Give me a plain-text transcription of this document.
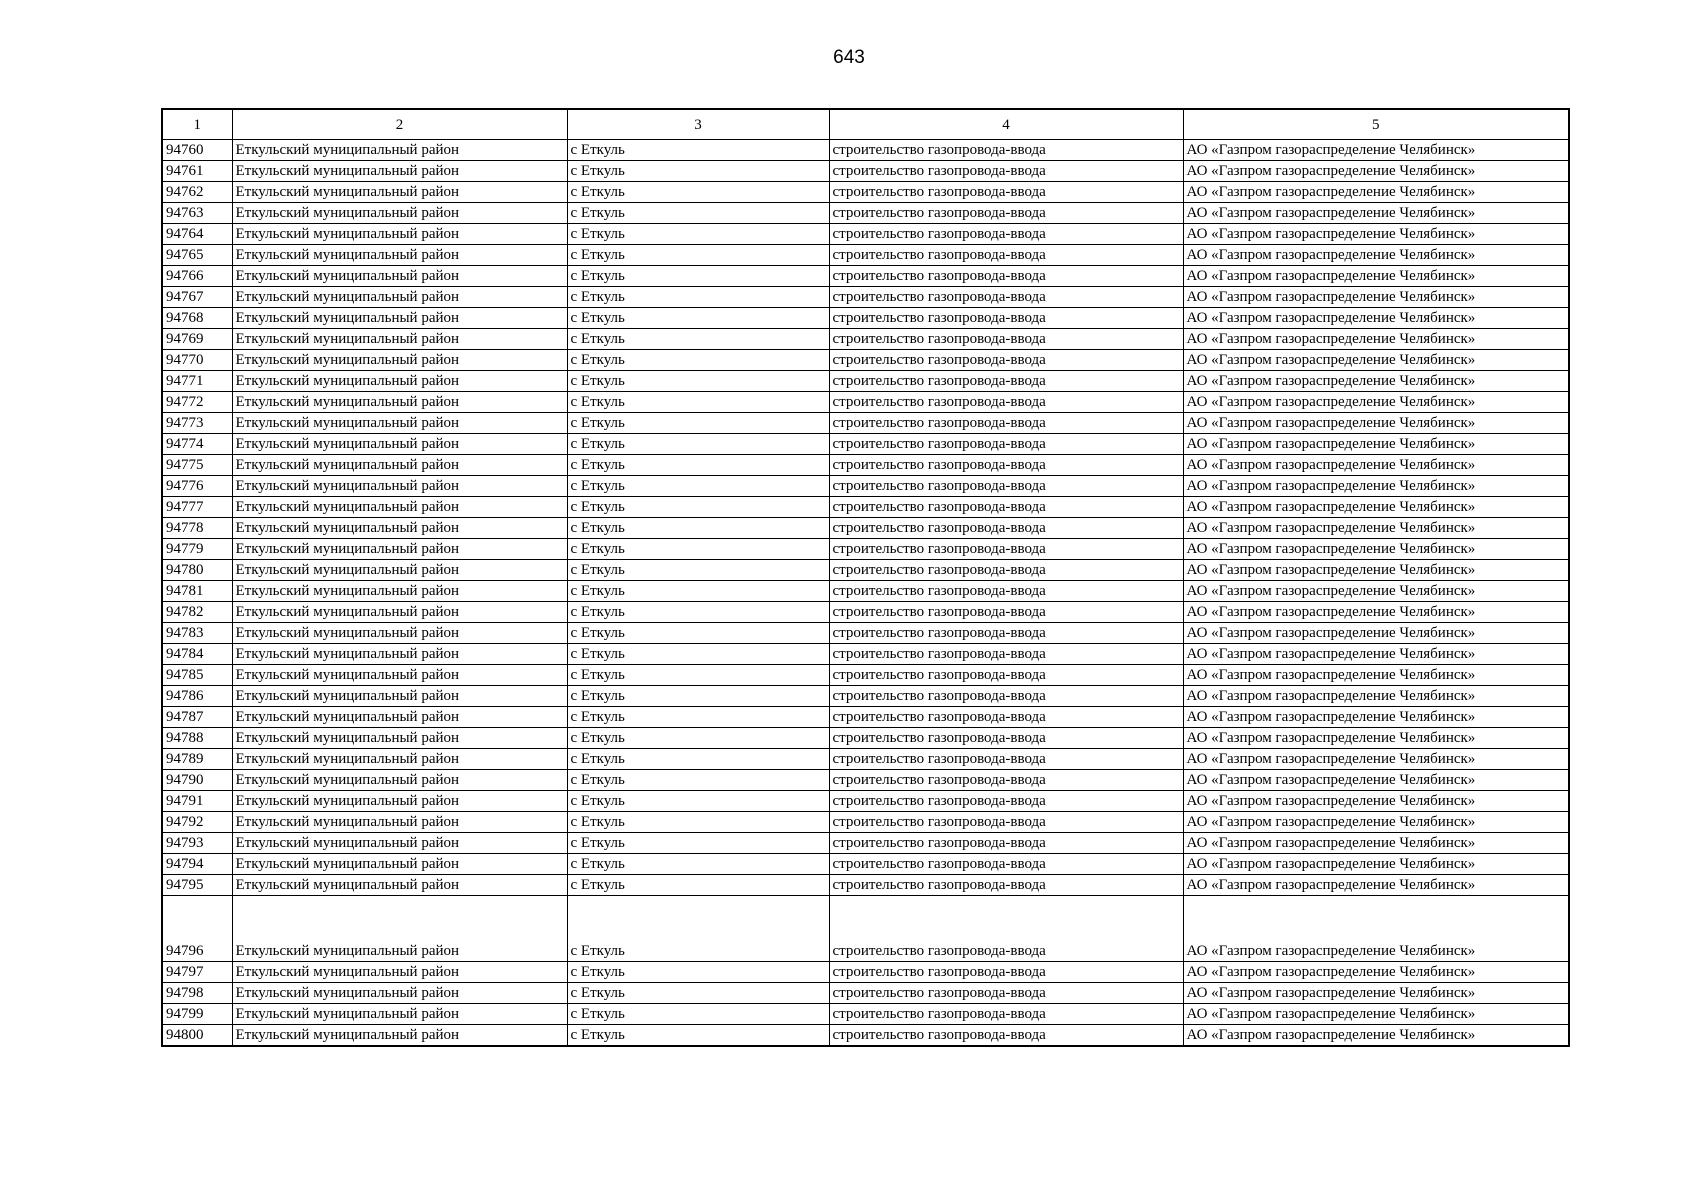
643
1	2	3	4	5
94760	Еткульский муниципальный район	с Еткуль	строительство газопровода-ввода	АО «Газпром газораспределение Челябинск»
94761	Еткульский муниципальный район	с Еткуль	строительство газопровода-ввода	АО «Газпром газораспределение Челябинск»
94762	Еткульский муниципальный район	с Еткуль	строительство газопровода-ввода	АО «Газпром газораспределение Челябинск»
94763	Еткульский муниципальный район	с Еткуль	строительство газопровода-ввода	АО «Газпром газораспределение Челябинск»
94764	Еткульский муниципальный район	с Еткуль	строительство газопровода-ввода	АО «Газпром газораспределение Челябинск»
94765	Еткульский муниципальный район	с Еткуль	строительство газопровода-ввода	АО «Газпром газораспределение Челябинск»
94766	Еткульский муниципальный район	с Еткуль	строительство газопровода-ввода	АО «Газпром газораспределение Челябинск»
94767	Еткульский муниципальный район	с Еткуль	строительство газопровода-ввода	АО «Газпром газораспределение Челябинск»
94768	Еткульский муниципальный район	с Еткуль	строительство газопровода-ввода	АО «Газпром газораспределение Челябинск»
94769	Еткульский муниципальный район	с Еткуль	строительство газопровода-ввода	АО «Газпром газораспределение Челябинск»
94770	Еткульский муниципальный район	с Еткуль	строительство газопровода-ввода	АО «Газпром газораспределение Челябинск»
94771	Еткульский муниципальный район	с Еткуль	строительство газопровода-ввода	АО «Газпром газораспределение Челябинск»
94772	Еткульский муниципальный район	с Еткуль	строительство газопровода-ввода	АО «Газпром газораспределение Челябинск»
94773	Еткульский муниципальный район	с Еткуль	строительство газопровода-ввода	АО «Газпром газораспределение Челябинск»
94774	Еткульский муниципальный район	с Еткуль	строительство газопровода-ввода	АО «Газпром газораспределение Челябинск»
94775	Еткульский муниципальный район	с Еткуль	строительство газопровода-ввода	АО «Газпром газораспределение Челябинск»
94776	Еткульский муниципальный район	с Еткуль	строительство газопровода-ввода	АО «Газпром газораспределение Челябинск»
94777	Еткульский муниципальный район	с Еткуль	строительство газопровода-ввода	АО «Газпром газораспределение Челябинск»
94778	Еткульский муниципальный район	с Еткуль	строительство газопровода-ввода	АО «Газпром газораспределение Челябинск»
94779	Еткульский муниципальный район	с Еткуль	строительство газопровода-ввода	АО «Газпром газораспределение Челябинск»
94780	Еткульский муниципальный район	с Еткуль	строительство газопровода-ввода	АО «Газпром газораспределение Челябинск»
94781	Еткульский муниципальный район	с Еткуль	строительство газопровода-ввода	АО «Газпром газораспределение Челябинск»
94782	Еткульский муниципальный район	с Еткуль	строительство газопровода-ввода	АО «Газпром газораспределение Челябинск»
94783	Еткульский муниципальный район	с Еткуль	строительство газопровода-ввода	АО «Газпром газораспределение Челябинск»
94784	Еткульский муниципальный район	с Еткуль	строительство газопровода-ввода	АО «Газпром газораспределение Челябинск»
94785	Еткульский муниципальный район	с Еткуль	строительство газопровода-ввода	АО «Газпром газораспределение Челябинск»
94786	Еткульский муниципальный район	с Еткуль	строительство газопровода-ввода	АО «Газпром газораспределение Челябинск»
94787	Еткульский муниципальный район	с Еткуль	строительство газопровода-ввода	АО «Газпром газораспределение Челябинск»
94788	Еткульский муниципальный район	с Еткуль	строительство газопровода-ввода	АО «Газпром газораспределение Челябинск»
94789	Еткульский муниципальный район	с Еткуль	строительство газопровода-ввода	АО «Газпром газораспределение Челябинск»
94790	Еткульский муниципальный район	с Еткуль	строительство газопровода-ввода	АО «Газпром газораспределение Челябинск»
94791	Еткульский муниципальный район	с Еткуль	строительство газопровода-ввода	АО «Газпром газораспределение Челябинск»
94792	Еткульский муниципальный район	с Еткуль	строительство газопровода-ввода	АО «Газпром газораспределение Челябинск»
94793	Еткульский муниципальный район	с Еткуль	строительство газопровода-ввода	АО «Газпром газораспределение Челябинск»
94794	Еткульский муниципальный район	с Еткуль	строительство газопровода-ввода	АО «Газпром газораспределение Челябинск»
94795	Еткульский муниципальный район	с Еткуль	строительство газопровода-ввода	АО «Газпром газораспределение Челябинск»
94796	Еткульский муниципальный район	с Еткуль	строительство газопровода-ввода	АО «Газпром газораспределение Челябинск»
94797	Еткульский муниципальный район	с Еткуль	строительство газопровода-ввода	АО «Газпром газораспределение Челябинск»
94798	Еткульский муниципальный район	с Еткуль	строительство газопровода-ввода	АО «Газпром газораспределение Челябинск»
94799	Еткульский муниципальный район	с Еткуль	строительство газопровода-ввода	АО «Газпром газораспределение Челябинск»
94800	Еткульский муниципальный район	с Еткуль	строительство газопровода-ввода	АО «Газпром газораспределение Челябинск»
